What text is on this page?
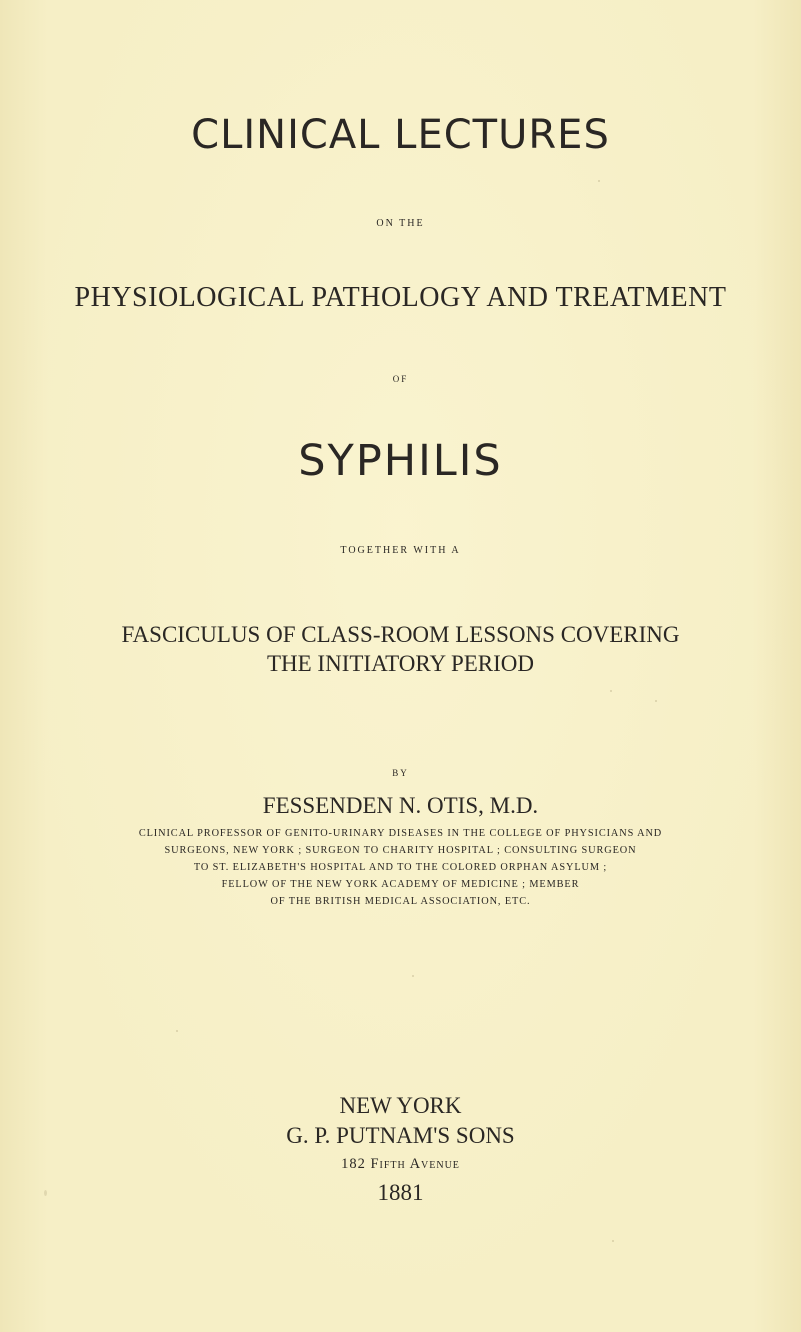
CLINICAL LECTURES
ON THE
PHYSIOLOGICAL PATHOLOGY AND TREATMENT
OF
SYPHILIS
TOGETHER WITH A
FASCICULUS OF CLASS-ROOM LESSONS COVERING
THE INITIATORY PERIOD
BY
FESSENDEN N. OTIS, M.D.
CLINICAL PROFESSOR OF GENITO-URINARY DISEASES IN THE COLLEGE OF PHYSICIANS AND
SURGEONS, NEW YORK ; SURGEON TO CHARITY HOSPITAL ; CONSULTING SURGEON
TO ST. ELIZABETH'S HOSPITAL AND TO THE COLORED ORPHAN ASYLUM ;
FELLOW OF THE NEW YORK ACADEMY OF MEDICINE ; MEMBER
OF THE BRITISH MEDICAL ASSOCIATION, ETC.
NEW YORK
G. P. PUTNAM'S SONS
182 Fifth Avenue
1881
